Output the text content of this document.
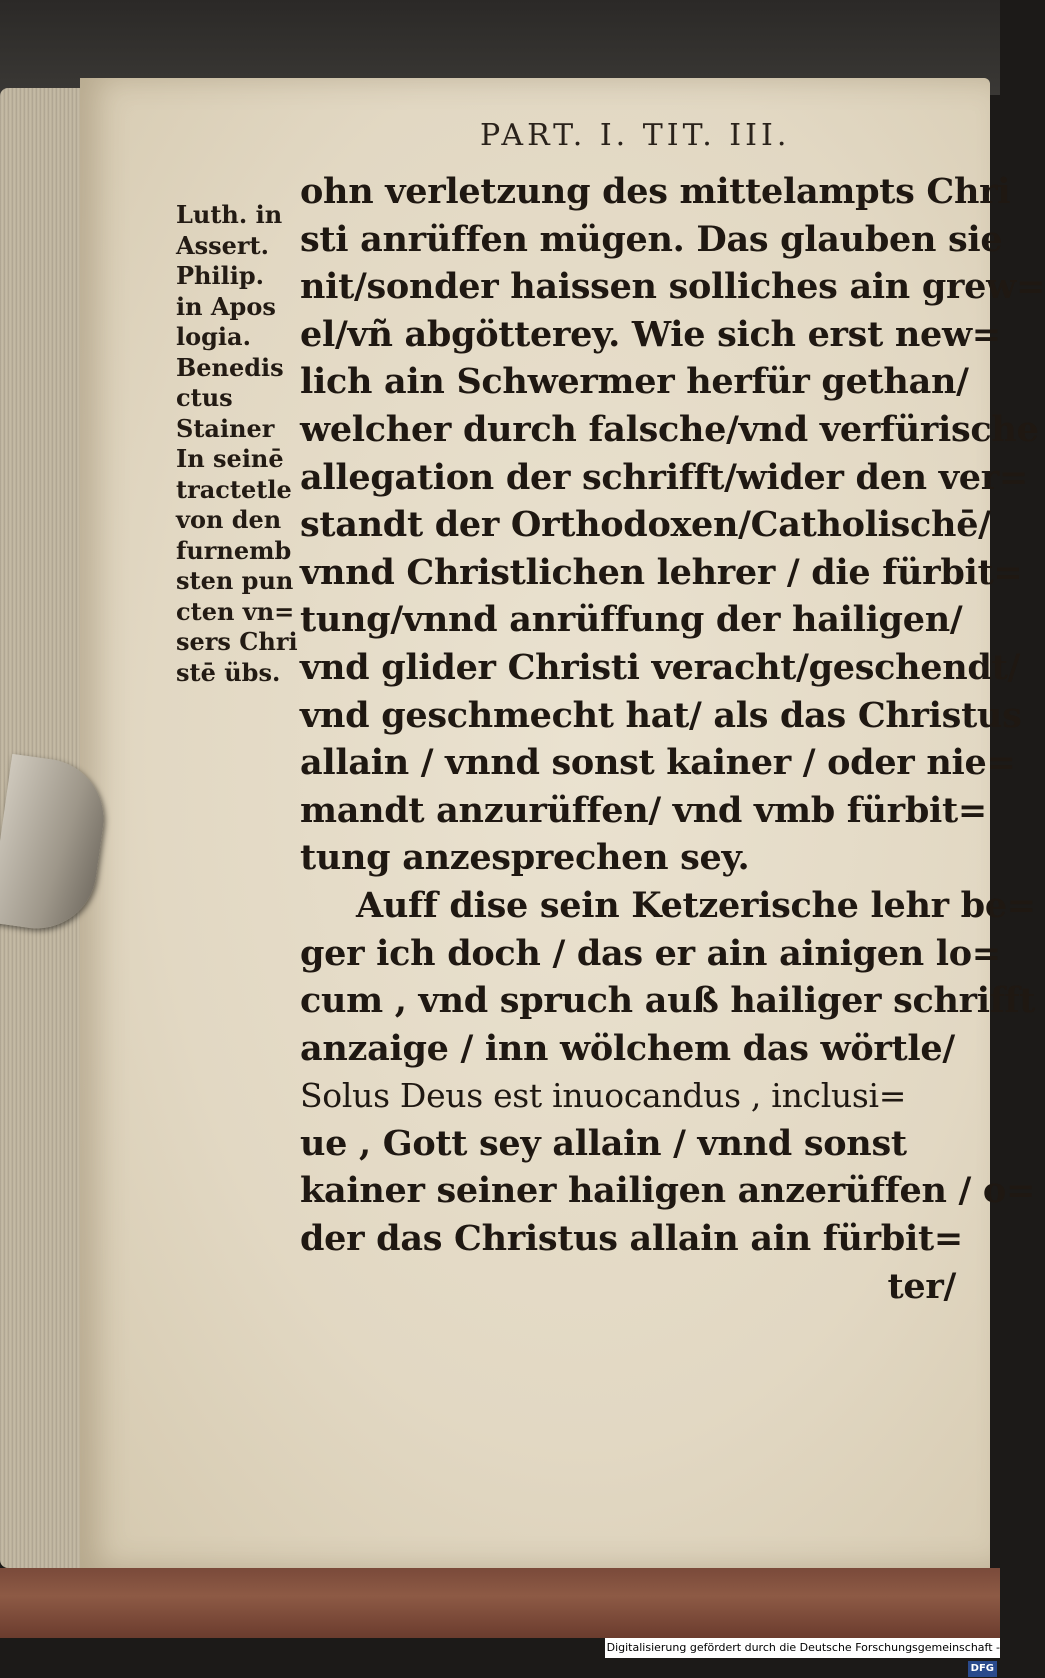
PART. I. TIT. III.
Luth. in
Assert.
Philip.
in Apos
logia.
Benedis
ctus
Stainer
In seinē
tractetle
von den
furnemb
sten pun
cten vn=
sers Chri
stē übs.
ohn verletzung des mittelampts Chri
sti anrüffen mügen. Das glauben sie
nit/sonder haissen solliches ain grew=
el/vñ abgötterey. Wie sich erst new=
lich ain Schwermer herfür gethan/
welcher durch falsche/vnd verfürische
allegation der schrifft/wider den ver=
standt der Orthodoxen/Catholischē/
vnnd Christlichen lehrer / die fürbit=
tung/vnnd anrüffung der hailigen/
vnd glider Christi veracht/geschendt/
vnd geschmecht hat/ als das Christus
allain / vnnd sonst kainer / oder nie=
mandt anzurüffen/ vnd vmb fürbit=
tung anzesprechen sey.
Auff dise sein Ketzerische lehr be=
ger ich doch / das er ain ainigen lo=
cum , vnd spruch auß hailiger schrifft
anzaige / inn wölchem das wörtle/
Solus Deus est inuocandus , inclusi=
ue , Gott sey allain / vnnd sonst
kainer seiner hailigen anzerüffen / o=
der das Christus allain ain fürbit=
ter/
Digitalisierung gefördert durch die Deutsche Forschungsgemeinschaft -DFG
